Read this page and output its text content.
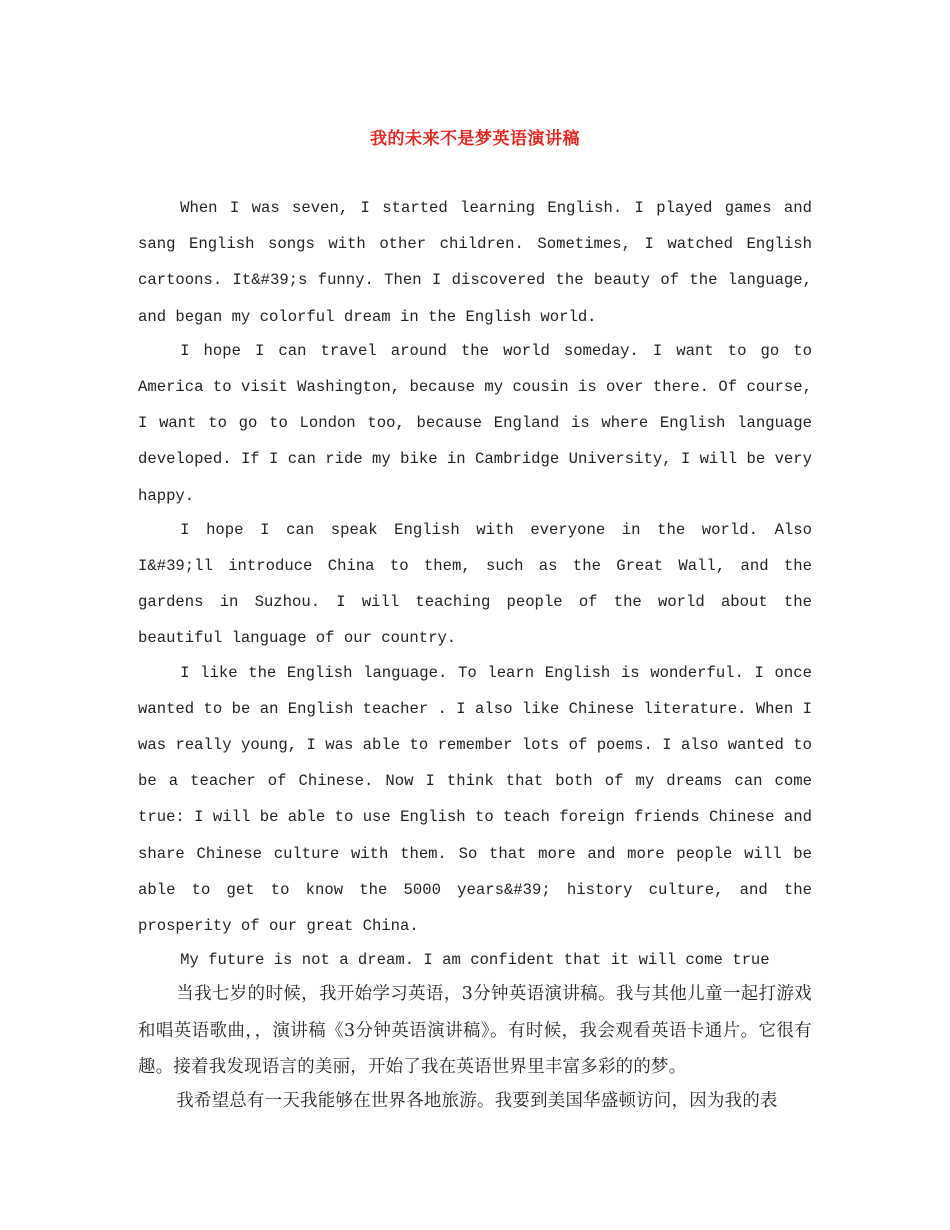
我的未来不是梦英语演讲稿

When I was seven, I started learning English. I played games and sang English songs with other children. Sometimes, I watched English cartoons. It&#39;s funny. Then I discovered the beauty of the language, and began my colorful dream in the English world.

I hope I can travel around the world someday. I want to go to America to visit Washington, because my cousin is over there. Of course, I want to go to London too, because England is where English language developed. If I can ride my bike in Cambridge University, I will be very happy.

I hope I can speak English with everyone in the world. Also I&#39;ll introduce China to them, such as the Great Wall, and the gardens in Suzhou. I will teaching people of the world about the beautiful language of our country.

I like the English language. To learn English is wonderful. I once wanted to be an English teacher . I also like Chinese literature. When I was really young, I was able to remember lots of poems. I also wanted to be a teacher of Chinese. Now I think that both of my dreams can come true: I will be able to use English to teach foreign friends Chinese and share Chinese culture with them. So that more and more people will be able to get to know the 5000 years&#39; history culture, and the prosperity of our great China.

My future is not a dream. I am confident that it will come true

当我七岁的时候，我开始学习英语，3分钟英语演讲稿。我与其他儿童一起打游戏和唱英语歌曲，，演讲稿《3分钟英语演讲稿》。有时候，我会观看英语卡通片。它很有趣。接着我发现语言的美丽，开始了我在英语世界里丰富多彩的的梦。

我希望总有一天我能够在世界各地旅游。我要到美国华盛顿访问，因为我的表
